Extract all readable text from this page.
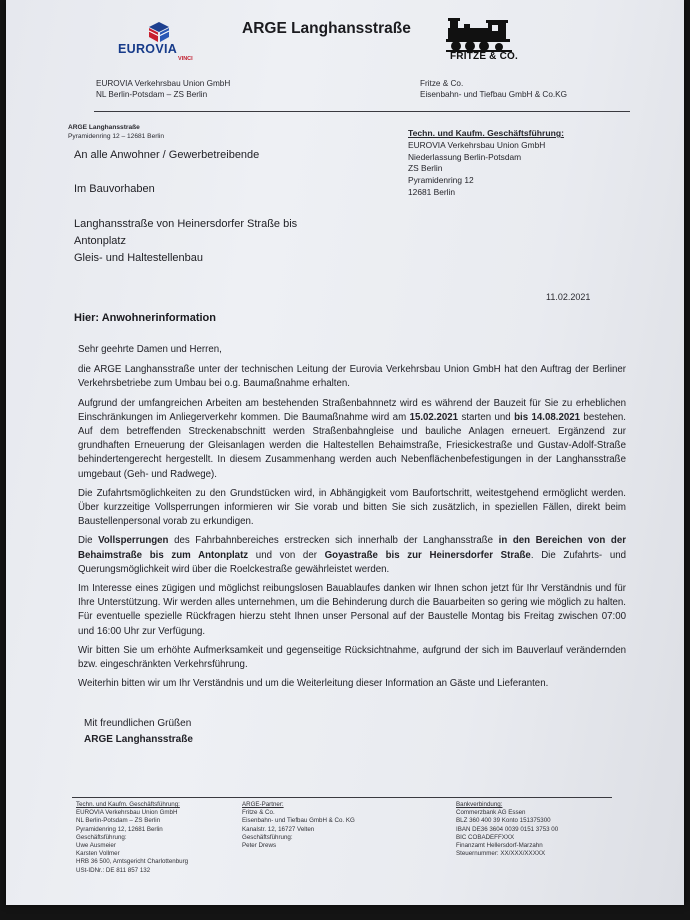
EUROVIA
VINCI
ARGE Langhansstraße
FRITZE & CO.
EUROVIA Verkehrsbau Union GmbH
NL Berlin-Potsdam – ZS Berlin
Fritze & Co.
Eisenbahn- und Tiefbau GmbH & Co.KG
ARGE Langhansstraße
Pyramidenring 12 – 12681 Berlin
An alle Anwohner / Gewerbetreibende
Im Bauvorhaben
Langhansstraße von Heinersdorfer Straße bis
Antonplatz
Gleis- und Haltestellenbau
Techn. und Kaufm. Geschäftsführung:
EUROVIA Verkehrsbau Union GmbH
Niederlassung Berlin-Potsdam
ZS Berlin
Pyramidenring 12
12681 Berlin
11.02.2021
Hier: Anwohnerinformation

Sehr geehrte Damen und Herren,

die ARGE Langhansstraße unter der technischen Leitung der Eurovia Verkehrsbau Union GmbH hat den Auftrag der Berliner Verkehrsbetriebe zum Umbau bei o.g. Baumaßnahme erhalten.

Aufgrund der umfangreichen Arbeiten am bestehenden Straßenbahnnetz wird es während der Bauzeit für Sie zu erheblichen Einschränkungen im Anliegerverkehr kommen. Die Baumaßnahme wird am 15.02.2021 starten und bis 14.08.2021 bestehen. Auf dem betreffenden Streckenabschnitt werden Straßenbahngleise und bauliche Anlagen erneuert. Ergänzend zur grundhaften Erneuerung der Gleisanlagen werden die Haltestellen Behaimstraße, Friesickestraße und Gustav-Adolf-Straße behindertengerecht hergestellt. In diesem Zusammenhang werden auch Nebenflächenbefestigungen in der Langhansstraße umgebaut (Geh- und Radwege).

Die Zufahrtsmöglichkeiten zu den Grundstücken wird, in Abhängigkeit vom Baufortschritt, weitestgehend ermöglicht werden. Über kurzzeitige Vollsperrungen informieren wir Sie vorab und bitten Sie sich zusätzlich, in speziellen Fällen, direkt beim Baustellenpersonal vorab zu erkundigen.

Die Vollsperrungen des Fahrbahnbereiches erstrecken sich innerhalb der Langhansstraße in den Bereichen von der Behaimstraße bis zum Antonplatz und von der Goyastraße bis zur Heinersdorfer Straße. Die Zufahrts- und Querungsmöglichkeit wird über die Roelckestraße gewährleistet werden.

Im Interesse eines zügigen und möglichst reibungslosen Bauablaufes danken wir Ihnen schon jetzt für Ihr Verständnis und für Ihre Unterstützung. Wir werden alles unternehmen, um die Behinderung durch die Bauarbeiten so gering wie möglich zu halten. Für eventuelle spezielle Rückfragen hierzu steht Ihnen unser Personal auf der Baustelle Montag bis Freitag zwischen 07:00 und 16:00 Uhr zur Verfügung.

Wir bitten Sie um erhöhte Aufmerksamkeit und gegenseitige Rücksichtnahme, aufgrund der sich im Bauverlauf verändernden bzw. eingeschränkten Verkehrsführung.

Weiterhin bitten wir um Ihr Verständnis und um die Weiterleitung dieser Information an Gäste und Lieferanten.

Mit freundlichen Grüßen
ARGE Langhansstraße
Techn. und Kaufm. Geschäftsführung:
EUROVIA Verkehrsbau Union GmbH
NL Berlin-Potsdam – ZS Berlin
Pyramidenring 12, 12681 Berlin
Geschäftsführung:
Uwe Ausmeier
Karsten Vollmer
HRB 36 500, Amtsgericht Charlottenburg
USt-IDNr.: DE 811 857 132
ARGE-Partner:
Fritze & Co.
Eisenbahn- und Tiefbau GmbH & Co. KG
Kanalstr. 12, 16727 Velten
Geschäftsführung:
Peter Drews
Bankverbindung:
Commerzbank AG Essen
BLZ 360 400 39 Konto 151375300
IBAN DE36 3604 0039 0151 3753 00
BIC COBADEFFXXX
Finanzamt Hellersdorf-Marzahn
Steuernummer: XX/XXX/XXXXX
